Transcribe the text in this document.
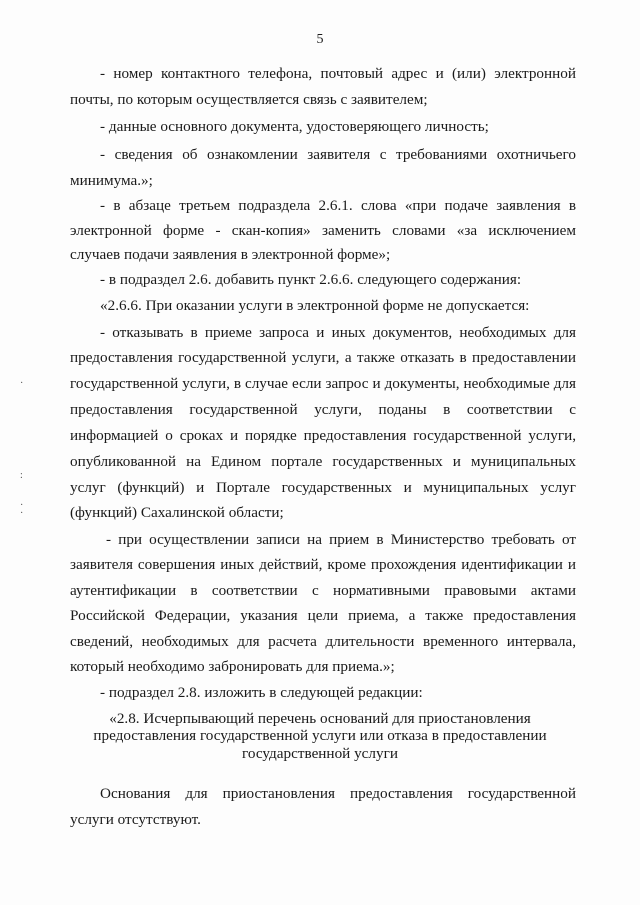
5
- номер контактного телефона, почтовый адрес и (или) электронной
почты, по которым осуществляется связь с заявителем;
- данные основного документа, удостоверяющего личность;
- сведения об ознакомлении заявителя с требованиями охотничьего
минимума.»;
- в абзаце третьем подраздела 2.6.1. слова «при подаче заявления в
электронной форме - скан-копия» заменить словами «за исключением
случаев подачи заявления в электронной форме»;
- в подраздел 2.6. добавить пункт 2.6.6. следующего содержания:
«2.6.6. При оказании услуги в электронной форме не допускается:
- отказывать в приеме запроса и иных документов, необходимых для
предоставления государственной услуги, а также отказать в предоставлении
государственной услуги, в случае если запрос и документы, необходимые для
предоставления государственной услуги, поданы в соответствии с
информацией о сроках и порядке предоставления государственной услуги,
опубликованной на Едином портале государственных и муниципальных
услуг (функций) и Портале государственных и муниципальных услуг
(функций) Сахалинской области;
- при осуществлении записи на прием в Министерство требовать от
заявителя совершения иных действий, кроме прохождения идентификации и
аутентификации в соответствии с нормативными правовыми актами
Российской Федерации, указания цели приема, а также предоставления
сведений, необходимых для расчета длительности временного интервала,
который необходимо забронировать для приема.»;
- подраздел 2.8. изложить в следующей редакции:
«2.8. Исчерпывающий перечень оснований для приостановления
предоставления государственной услуги или отказа в предоставлении
государственной услуги
Основания для приостановления предоставления государственной
услуги отсутствуют.
·
:
·
·
